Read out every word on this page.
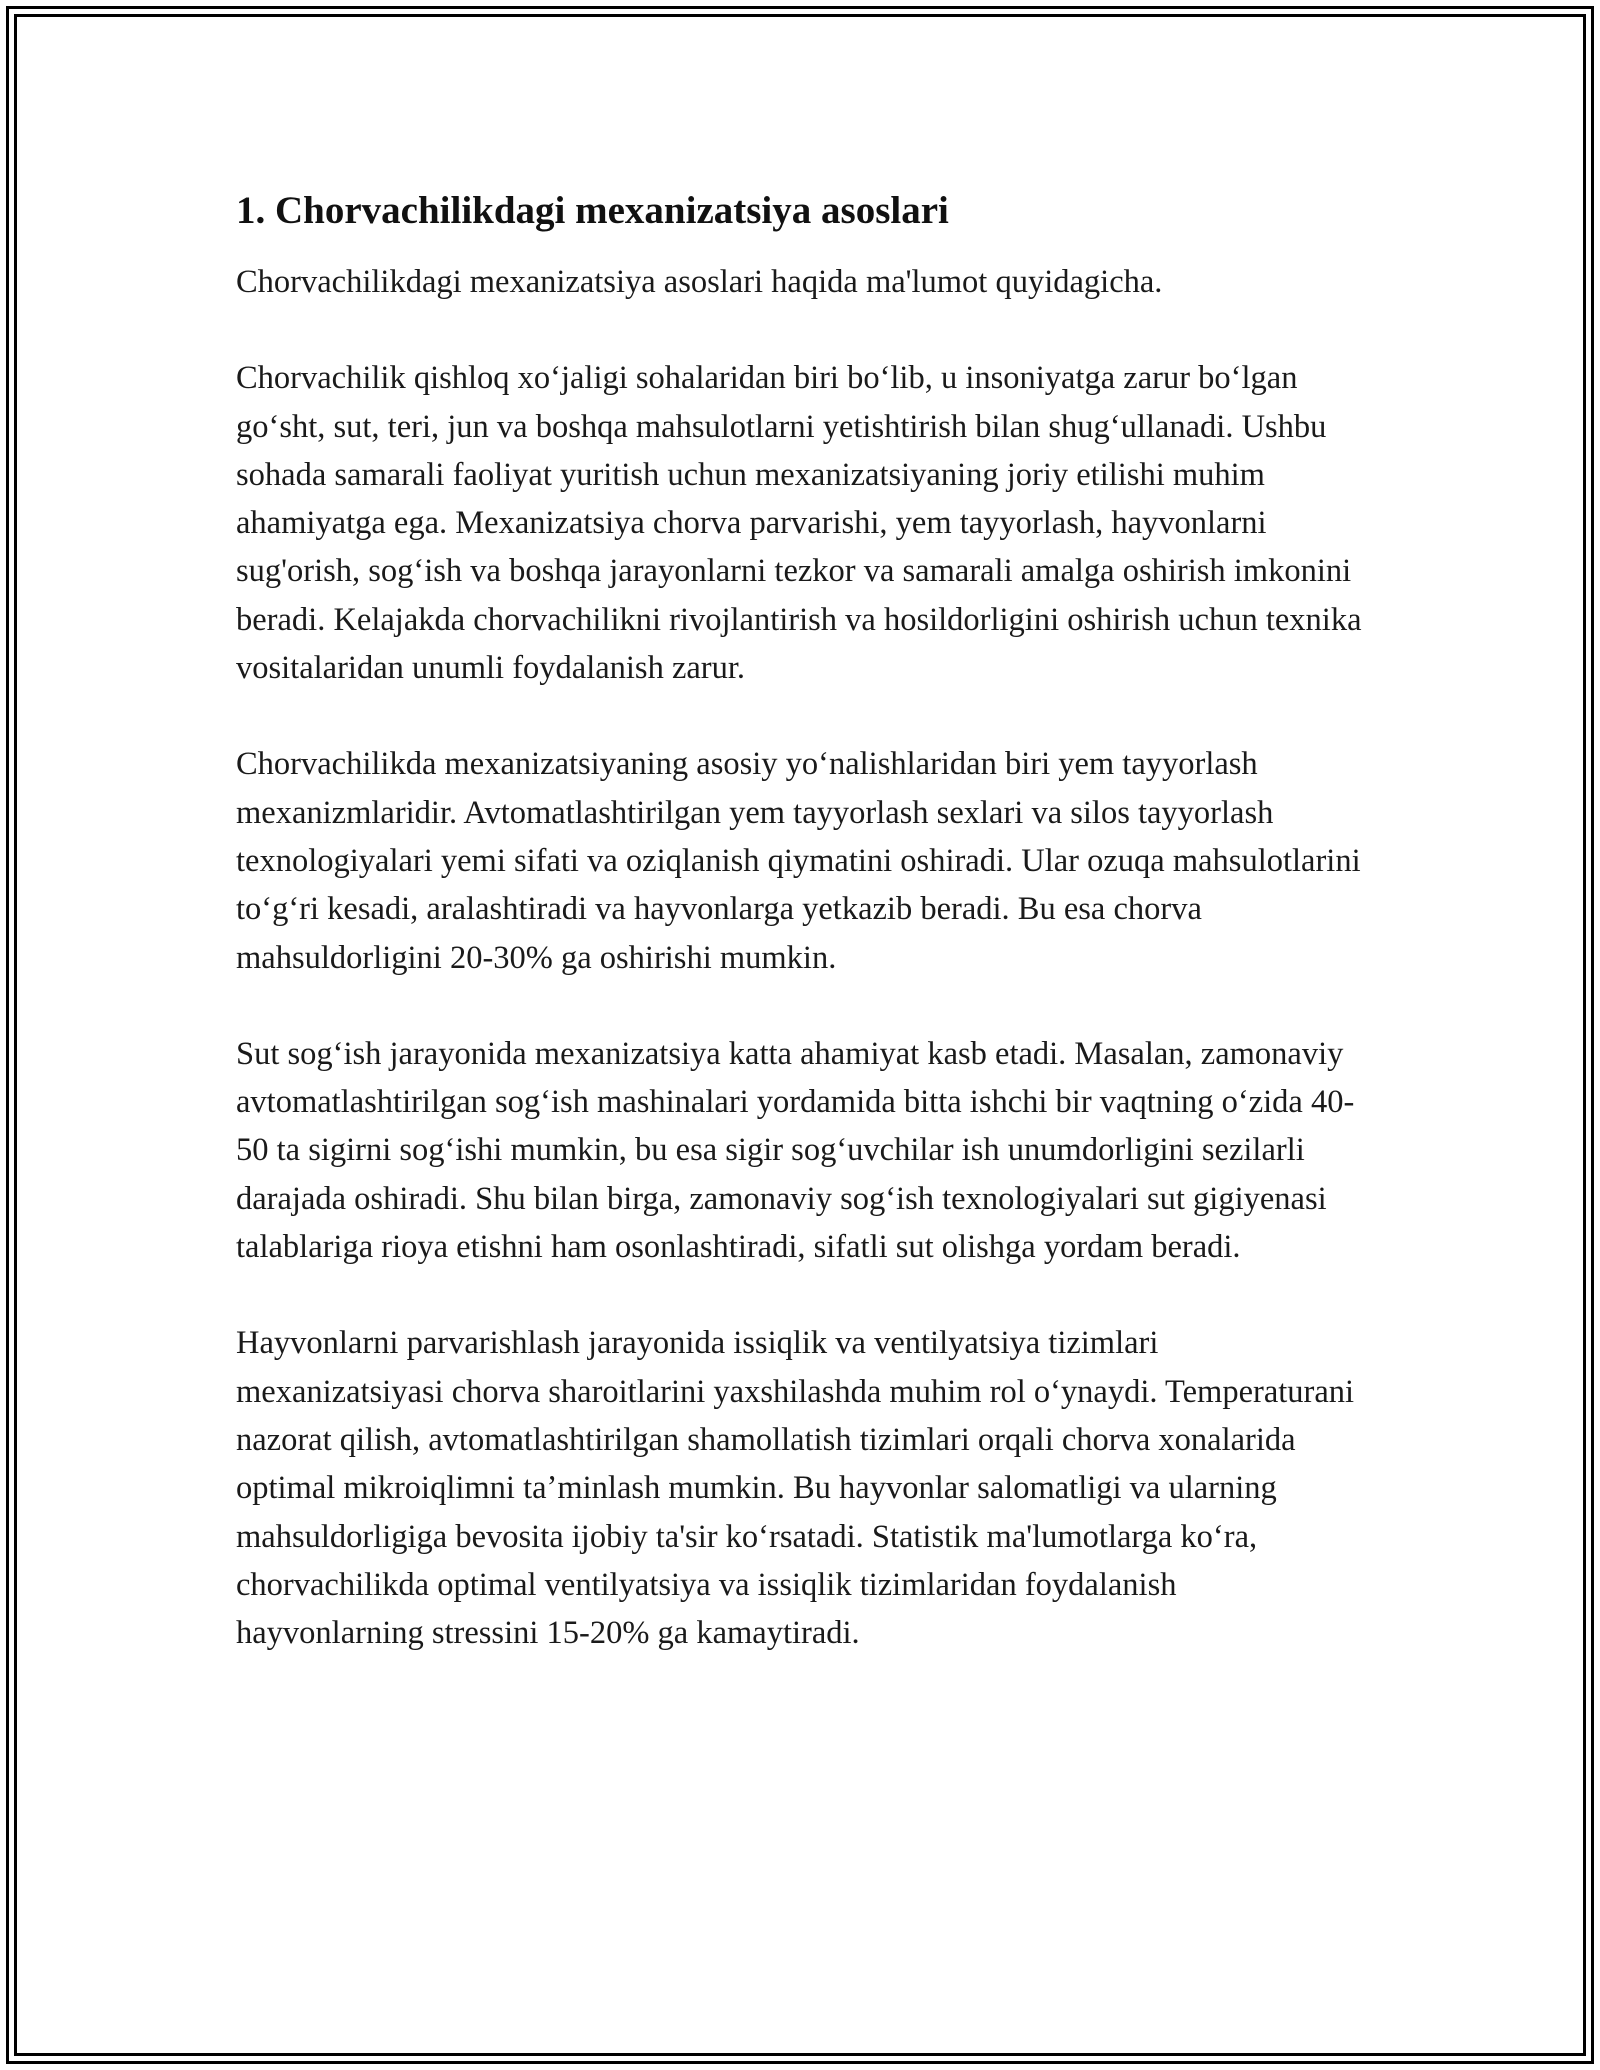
1. Chorvachilikdagi mexanizatsiya asoslari

Chorvachilikdagi mexanizatsiya asoslari haqida ma'lumot quyidagicha.

Chorvachilik qishloq xoʻjaligi sohalaridan biri boʻlib, u insoniyatga zarur boʻlgan goʻsht, sut, teri, jun va boshqa mahsulotlarni yetishtirish bilan shugʻullanadi. Ushbu sohada samarali faoliyat yuritish uchun mexanizatsiyaning joriy etilishi muhim ahamiyatga ega. Mexanizatsiya chorva parvarishi, yem tayyorlash, hayvonlarni sug'orish, sogʻish va boshqa jarayonlarni tezkor va samarali amalga oshirish imkonini beradi. Kelajakda chorvachilikni rivojlantirish va hosildorligini oshirish uchun texnika vositalaridan unumli foydalanish zarur.

Chorvachilikda mexanizatsiyaning asosiy yoʻnalishlaridan biri yem tayyorlash mexanizmlaridir. Avtomatlashtirilgan yem tayyorlash sexlari va silos tayyorlash texnologiyalari yemi sifati va oziqlanish qiymatini oshiradi. Ular ozuqa mahsulotlarini toʻgʻri kesadi, aralashtiradi va hayvonlarga yetkazib beradi. Bu esa chorva mahsuldorligini 20-30% ga oshirishi mumkin.

Sut sogʻish jarayonida mexanizatsiya katta ahamiyat kasb etadi. Masalan, zamonaviy avtomatlashtirilgan sogʻish mashinalari yordamida bitta ishchi bir vaqtning oʻzida 40-50 ta sigirni sogʻishi mumkin, bu esa sigir sogʻuvchilar ish unumdorligini sezilarli darajada oshiradi. Shu bilan birga, zamonaviy sogʻish texnologiyalari sut gigiyenasi talablariga rioya etishni ham osonlashtiradi, sifatli sut olishga yordam beradi.

Hayvonlarni parvarishlash jarayonida issiqlik va ventilyatsiya tizimlari mexanizatsiyasi chorva sharoitlarini yaxshilashda muhim rol oʻynaydi. Temperaturani nazorat qilish, avtomatlashtirilgan shamollatish tizimlari orqali chorva xonalarida optimal mikroiqlimni taʼminlash mumkin. Bu hayvonlar salomatligi va ularning mahsuldorligiga bevosita ijobiy ta'sir koʻrsatadi. Statistik ma'lumotlarga koʻra, chorvachilikda optimal ventilyatsiya va issiqlik tizimlaridan foydalanish hayvonlarning stressini 15-20% ga kamaytiradi.
